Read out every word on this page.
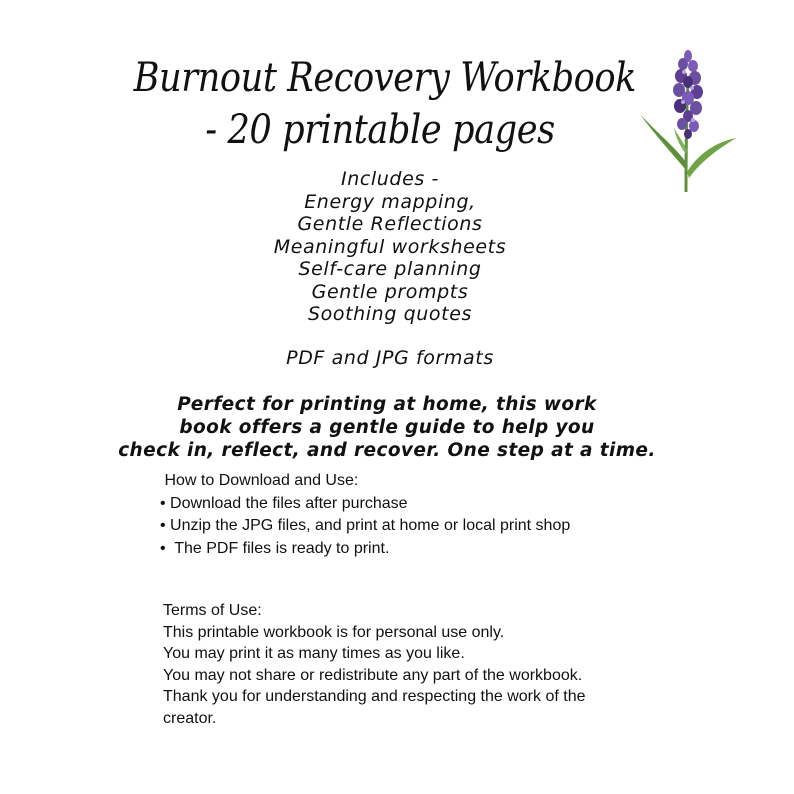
Burnout Recovery Workbook
- 20 printable pages
Includes -
Energy mapping,
Gentle Reflections
Meaningful worksheets
Self-care planning
Gentle prompts
Soothing quotes
PDF and JPG formats
Perfect for printing at home, this work
book offers a gentle guide to help you
check in, reflect, and recover. One step at a time.
How to Download and Use:
• Download the files after purchase
• Unzip the JPG files, and print at home or local print shop
•  The PDF files is ready to print.
Terms of Use:
This printable workbook is for personal use only.
You may print it as many times as you like.
You may not share or redistribute any part of the workbook.
Thank you for understanding and respecting the work of the
creator.
